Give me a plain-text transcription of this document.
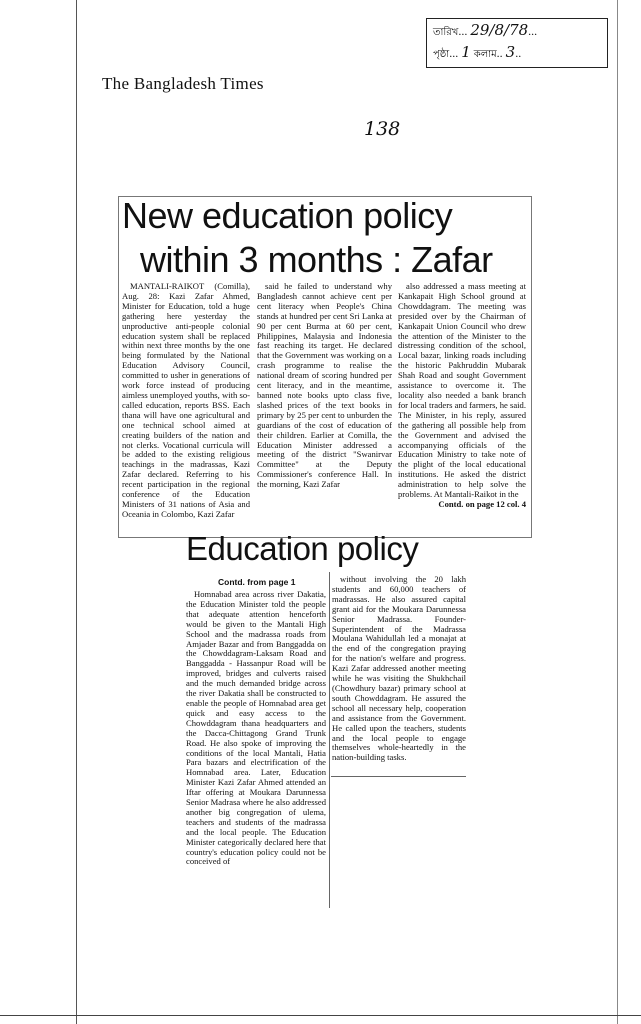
তারিখ... 29/8/78...
পৃষ্ঠা... 1 কলাম.. 3..
The Bangladesh Times
138
New education policy
within 3 months : Zafar

MANTALI-RAIKOT (Comilla), Aug. 28: Kazi Zafar Ahmed, Minister for Education, told a huge gathering here yesterday the unproductive anti-people colonial education system shall be replaced within next three months by the one being formulated by the National Education Advisory Council, committed to usher in generations of work force instead of producing aimless unemployed youths, with so-called education, reports BSS. Each thana will have one agricultural and one technical school aimed at creating builders of the nation and not clerks. Vocational curricula will be added to the existing religious teachings in the madrassas, Kazi Zafar declared. Referring to his recent participation in the regional conference of the Education Ministers of 31 nations of Asia and Oceania in Colombo, Kazi Zafar

said he failed to understand why Bangladesh cannot achieve cent per cent literacy when People's China stands at hundred per cent Sri Lanka at 90 per cent Burma at 60 per cent, Philippines, Malaysia and Indonesia fast reaching its target. He declared that the Government was working on a crash programme to realise the national dream of scoring hundred per cent literacy, and in the meantime, banned note books upto class five, slashed prices of the text books in primary by 25 per cent to unburden the guardians of the cost of education of their children. Earlier at Comilla, the Education Minister addressed a meeting of the district "Swanirvar Committee" at the Deputy Commissioner's conference Hall. In the morning, Kazi Zafar

also addressed a mass meeting at Kankapait High School ground at Chowddagram. The meeting was presided over by the Chairman of Kankapait Union Council who drew the attention of the Minister to the distressing condition of the school, Local bazar, linking roads including the historic Pakhruddin Mubarak Shah Road and sought Government assistance to overcome it. The locality also needed a bank branch for local traders and farmers, he said. The Minister, in his reply, assured the gathering all possible help from the Government and advised the accompanying officials of the Education Ministry to take note of the plight of the local educational institutions. He asked the district administration to help solve the problems. At Mantali-Raikot in the

Contd. on page 12 col. 4

Education policy
Contd. from page 1

Homnabad area across river Dakatia, the Education Minister told the people that adequate attention henceforth would be given to the Mantali High School and the madrassa roads from Amjader Bazar and from Banggadda on the Chowddagram-Laksam Road and Banggadda - Hassanpur Road will be improved, bridges and culverts raised and the much demanded bridge across the river Dakatia shall be constructed to enable the people of Homnabad area get quick and easy access to the Chowddagram thana headquarters and the Dacca-Chittagong Grand Trunk Road. He also spoke of improving the conditions of the local Mantali, Hatia Para bazars and electrification of the Homnabad area. Later, Education Minister Kazi Zafar Ahmed attended an Iftar offering at Moukara Darunnessa Senior Madrasa where he also addressed another big congregation of ulema, teachers and students of the madrassa and the local people. The Education Minister categorically declared here that country's education policy could not be conceived of

without involving the 20 lakh students and 60,000 teachers of madrassas. He also assured capital grant aid for the Moukara Darunnessa Senior Madrassa. Founder-Superintendent of the Madrassa Moulana Wahidullah led a monajat at the end of the congregation praying for the nation's welfare and progress. Kazi Zafar addressed another meeting while he was visiting the Shukhchail (Chowdhury bazar) primary school at south Chowddagram. He assured the school all necessary help, cooperation and assistance from the Government. He called upon the teachers, students and the local people to engage themselves whole-heartedly in the nation-building tasks.
